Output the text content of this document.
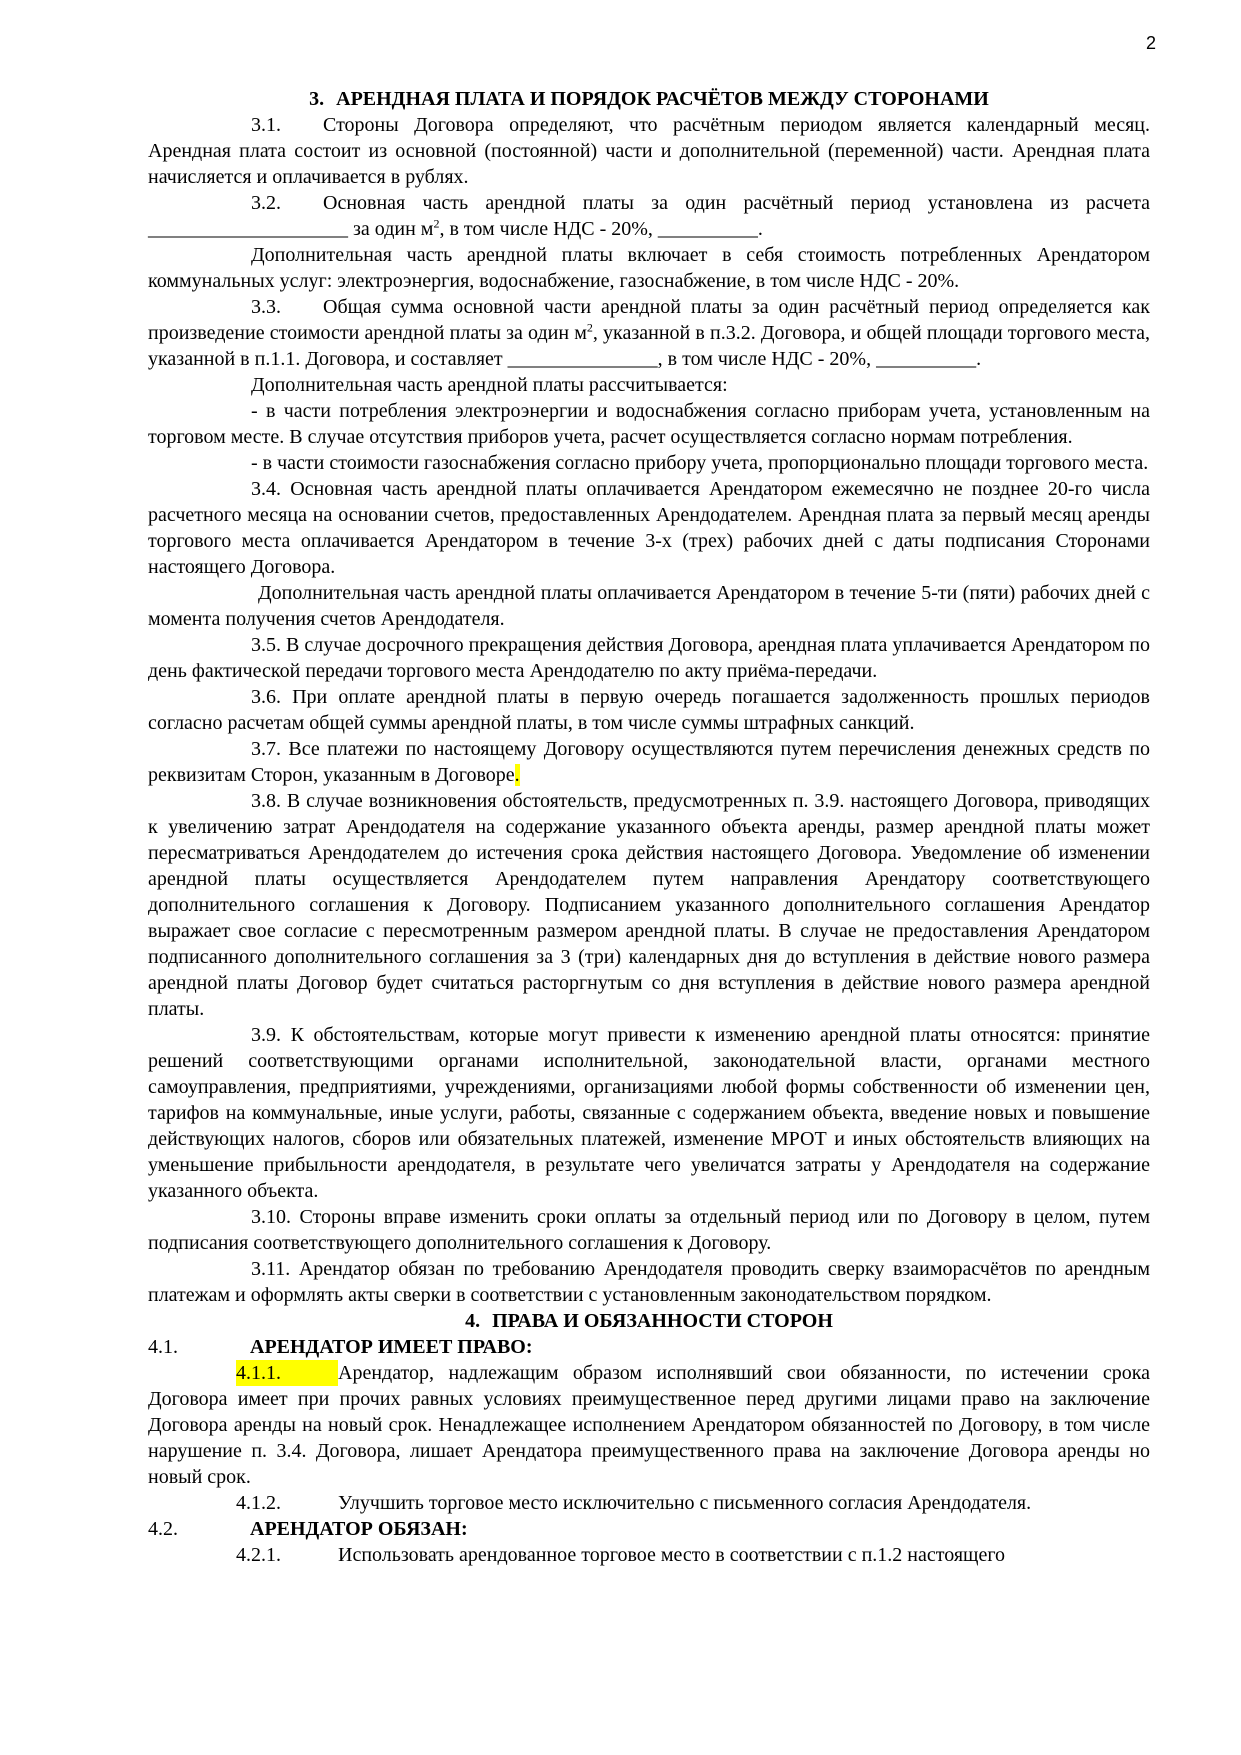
2

3. АРЕНДНАЯ ПЛАТА И ПОРЯДОК РАСЧЁТОВ МЕЖДУ СТОРОНАМИ

3.1. Стороны Договора определяют, что расчётным периодом является календарный месяц. Арендная плата состоит из основной (постоянной) части и дополнительной (переменной) части. Арендная плата начисляется и оплачивается в рублях.

3.2. Основная часть арендной платы за один расчётный период установлена из расчета ____________________ за один $м^2$, в том числе НДС - 20%, __________.

Дополнительная часть арендной платы включает в себя стоимость потребленных Арендатором коммунальных услуг: электроэнергия, водоснабжение, газоснабжение, в том числе НДС - 20%.

3.3. Общая сумма основной части арендной платы за один расчётный период определяется как произведение стоимости арендной платы за один $м^2$, указанной в п.3.2. Договора, и общей площади торгового места, указанной в п.1.1. Договора, и составляет _______________, в том числе НДС - 20%, __________.

Дополнительная часть арендной платы рассчитывается:

- в части потребления электроэнергии и водоснабжения согласно приборам учета, установленным на торговом месте. В случае отсутствия приборов учета, расчет осуществляется согласно нормам потребления.

- в части стоимости газоснабжения согласно прибору учета, пропорционально площади торгового места.

3.4. Основная часть арендной платы оплачивается Арендатором ежемесячно не позднее 20-го числа расчетного месяца на основании счетов, предоставленных Арендодателем. Арендная плата за первый месяц аренды торгового места оплачивается Арендатором в течение 3-х (трех) рабочих дней с даты подписания Сторонами настоящего Договора.

Дополнительная часть арендной платы оплачивается Арендатором в течение 5-ти (пяти) рабочих дней с момента получения счетов Арендодателя.

3.5. В случае досрочного прекращения действия Договора, арендная плата уплачивается Арендатором по день фактической передачи торгового места Арендодателю по акту приёма-передачи.

3.6. При оплате арендной платы в первую очередь погашается задолженность прошлых периодов согласно расчетам общей суммы арендной платы, в том числе суммы штрафных санкций.

3.7. Все платежи по настоящему Договору осуществляются путем перечисления денежных средств по реквизитам Сторон, указанным в Договоре.

3.8. В случае возникновения обстоятельств, предусмотренных п. 3.9. настоящего Договора, приводящих к увеличению затрат Арендодателя на содержание указанного объекта аренды, размер арендной платы может пересматриваться Арендодателем до истечения срока действия настоящего Договора. Уведомление об изменении арендной платы осуществляется Арендодателем путем направления Арендатору соответствующего дополнительного соглашения к Договору. Подписанием указанного дополнительного соглашения Арендатор выражает свое согласие с пересмотренным размером арендной платы. В случае не предоставления Арендатором подписанного дополнительного соглашения за 3 (три) календарных дня до вступления в действие нового размера арендной платы Договор будет считаться расторгнутым со дня вступления в действие нового размера арендной платы.

3.9. К обстоятельствам, которые могут привести к изменению арендной платы относятся: принятие решений соответствующими органами исполнительной, законодательной власти, органами местного самоуправления, предприятиями, учреждениями, организациями любой формы собственности об изменении цен, тарифов на коммунальные, иные услуги, работы, связанные с содержанием объекта, введение новых и повышение действующих налогов, сборов или обязательных платежей, изменение МРОТ и иных обстоятельств влияющих на уменьшение прибыльности арендодателя, в результате чего увеличатся затраты у Арендодателя на содержание указанного объекта.

3.10. Стороны вправе изменить сроки оплаты за отдельный период или по Договору в целом, путем подписания соответствующего дополнительного соглашения к Договору.

3.11. Арендатор обязан по требованию Арендодателя проводить сверку взаиморасчётов по арендным платежам и оформлять акты сверки в соответствии с установленным законодательством порядком.

4. ПРАВА И ОБЯЗАННОСТИ СТОРОН

4.1.	АРЕНДАТОР ИМЕЕТ ПРАВО:

4.1.1.	Арендатор, надлежащим образом исполнявший свои обязанности, по истечении срока Договора имеет при прочих равных условиях преимущественное перед другими лицами право на заключение Договора аренды на новый срок. Ненадлежащее исполнением Арендатором обязанностей по Договору, в том числе нарушение п. 3.4. Договора, лишает Арендатора преимущественного права на заключение Договора аренды но новый срок.

4.1.2.	Улучшить торговое место исключительно с письменного согласия Арендодателя.

4.2.	АРЕНДАТОР ОБЯЗАН:

4.2.1.	Использовать арендованное торговое место в соответствии с п.1.2 настоящего
